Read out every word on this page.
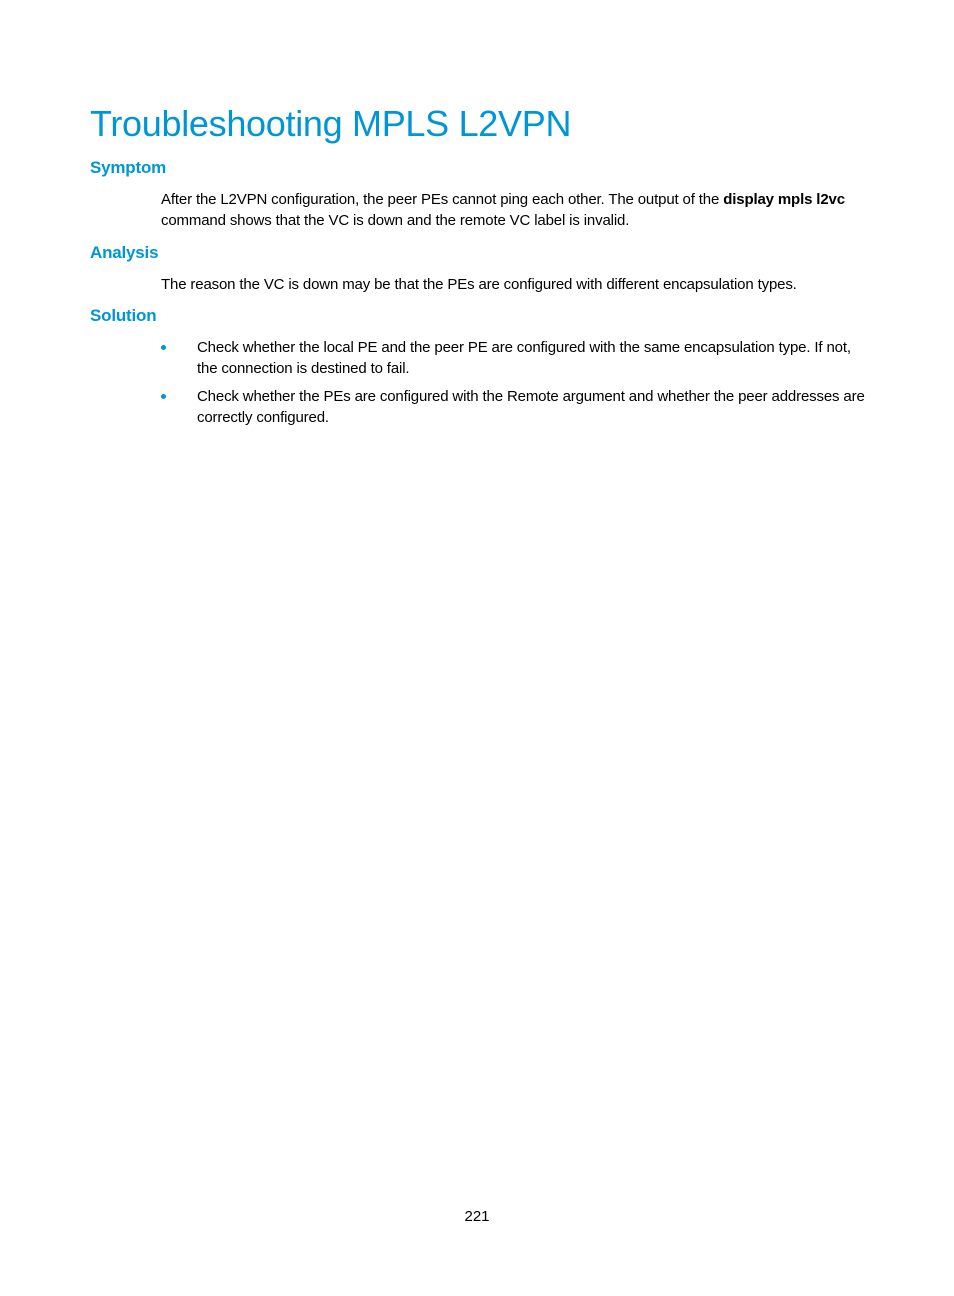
Troubleshooting MPLS L2VPN
Symptom

After the L2VPN configuration, the peer PEs cannot ping each other. The output of the display mpls l2vc command shows that the VC is down and the remote VC label is invalid.

Analysis

The reason the VC is down may be that the PEs are configured with different encapsulation types.

Solution
Check whether the local PE and the peer PE are configured with the same encapsulation type. If not, the connection is destined to fail.
Check whether the PEs are configured with the Remote argument and whether the peer addresses are correctly configured.
221
